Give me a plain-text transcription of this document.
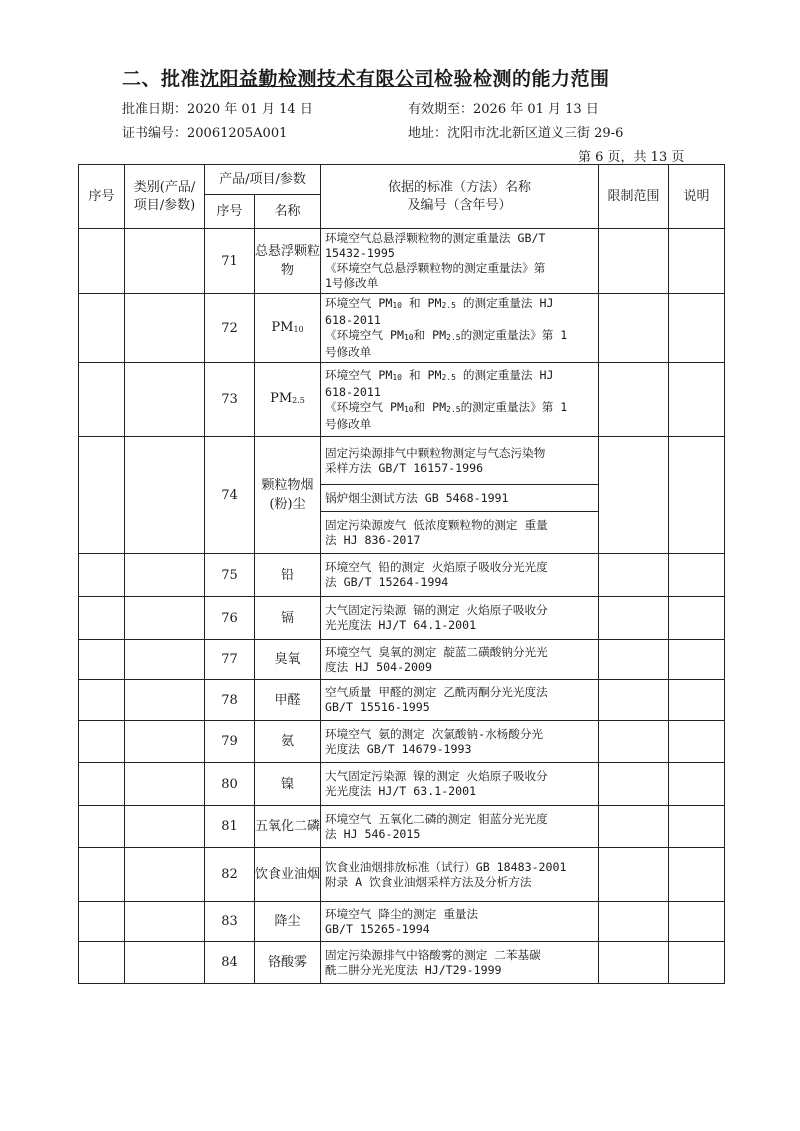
二、批准沈阳益勤检测技术有限公司检验检测的能力范围
批准日期：2020 年 01 月 14 日	有效期至：2026 年 01 月 13 日
证书编号：20061205A001	地址：沈阳市沈北新区道义三街 29-6
第 6 页，共 13 页
序号	类别(产品/项目/参数)	产品/项目/参数		依据的标准（方法）名称
及编号（含年号）	限制范围	说明
		序号	名称			
		71	总悬浮颗粒物	环境空气总悬浮颗粒物的测定重量法 GB/T
15432-1995
《环境空气总悬浮颗粒物的测定重量法》第
1号修改单		

		72	$PM_{10}$	环境空气 $PM_{10}$ 和 $PM_{2.5}$ 的测定重量法 HJ
618-2011
《环境空气 $PM_{10}$和 $PM_{2.5}$的测定重量法》第 1
号修改单		

		73	$PM_{2.5}$	环境空气 $PM_{10}$ 和 $PM_{2.5}$ 的测定重量法 HJ
618-2011
《环境空气 $PM_{10}$和 $PM_{2.5}$的测定重量法》第 1
号修改单		

		74	颗粒物烟(粉)尘	固定污染源排气中颗粒物测定与气态污染物
采样方法 GB/T 16157-1996		

				锅炉烟尘测试方法 GB 5468-1991		

				固定污染源废气 低浓度颗粒物的测定 重量
法 HJ 836-2017		

		75	铅	环境空气 铅的测定 火焰原子吸收分光光度
法 GB/T 15264-1994		

		76	镉	大气固定污染源 镉的测定 火焰原子吸收分
光光度法 HJ/T 64.1-2001		

		77	臭氧	环境空气 臭氧的测定 靛蓝二磺酸钠分光光
度法 HJ 504-2009		

		78	甲醛	空气质量 甲醛的测定 乙酰丙酮分光光度法
GB/T 15516-1995		

		79	氨	环境空气 氨的测定 次氯酸钠-水杨酸分光
光度法 GB/T 14679-1993		

		80	镍	大气固定污染源 镍的测定 火焰原子吸收分
光光度法 HJ/T 63.1-2001		

		81	五氧化二磷	环境空气 五氧化二磷的测定 钼蓝分光光度
法 HJ 546-2015		

		82	饮食业油烟	饮食业油烟排放标准（试行）GB 18483-2001
附录 A 饮食业油烟采样方法及分析方法		

		83	降尘	环境空气 降尘的测定 重量法
GB/T 15265-1994		

		84	铬酸雾	固定污染源排气中铬酸雾的测定 二苯基碳
酰二肼分光光度法 HJ/T29-1999		
